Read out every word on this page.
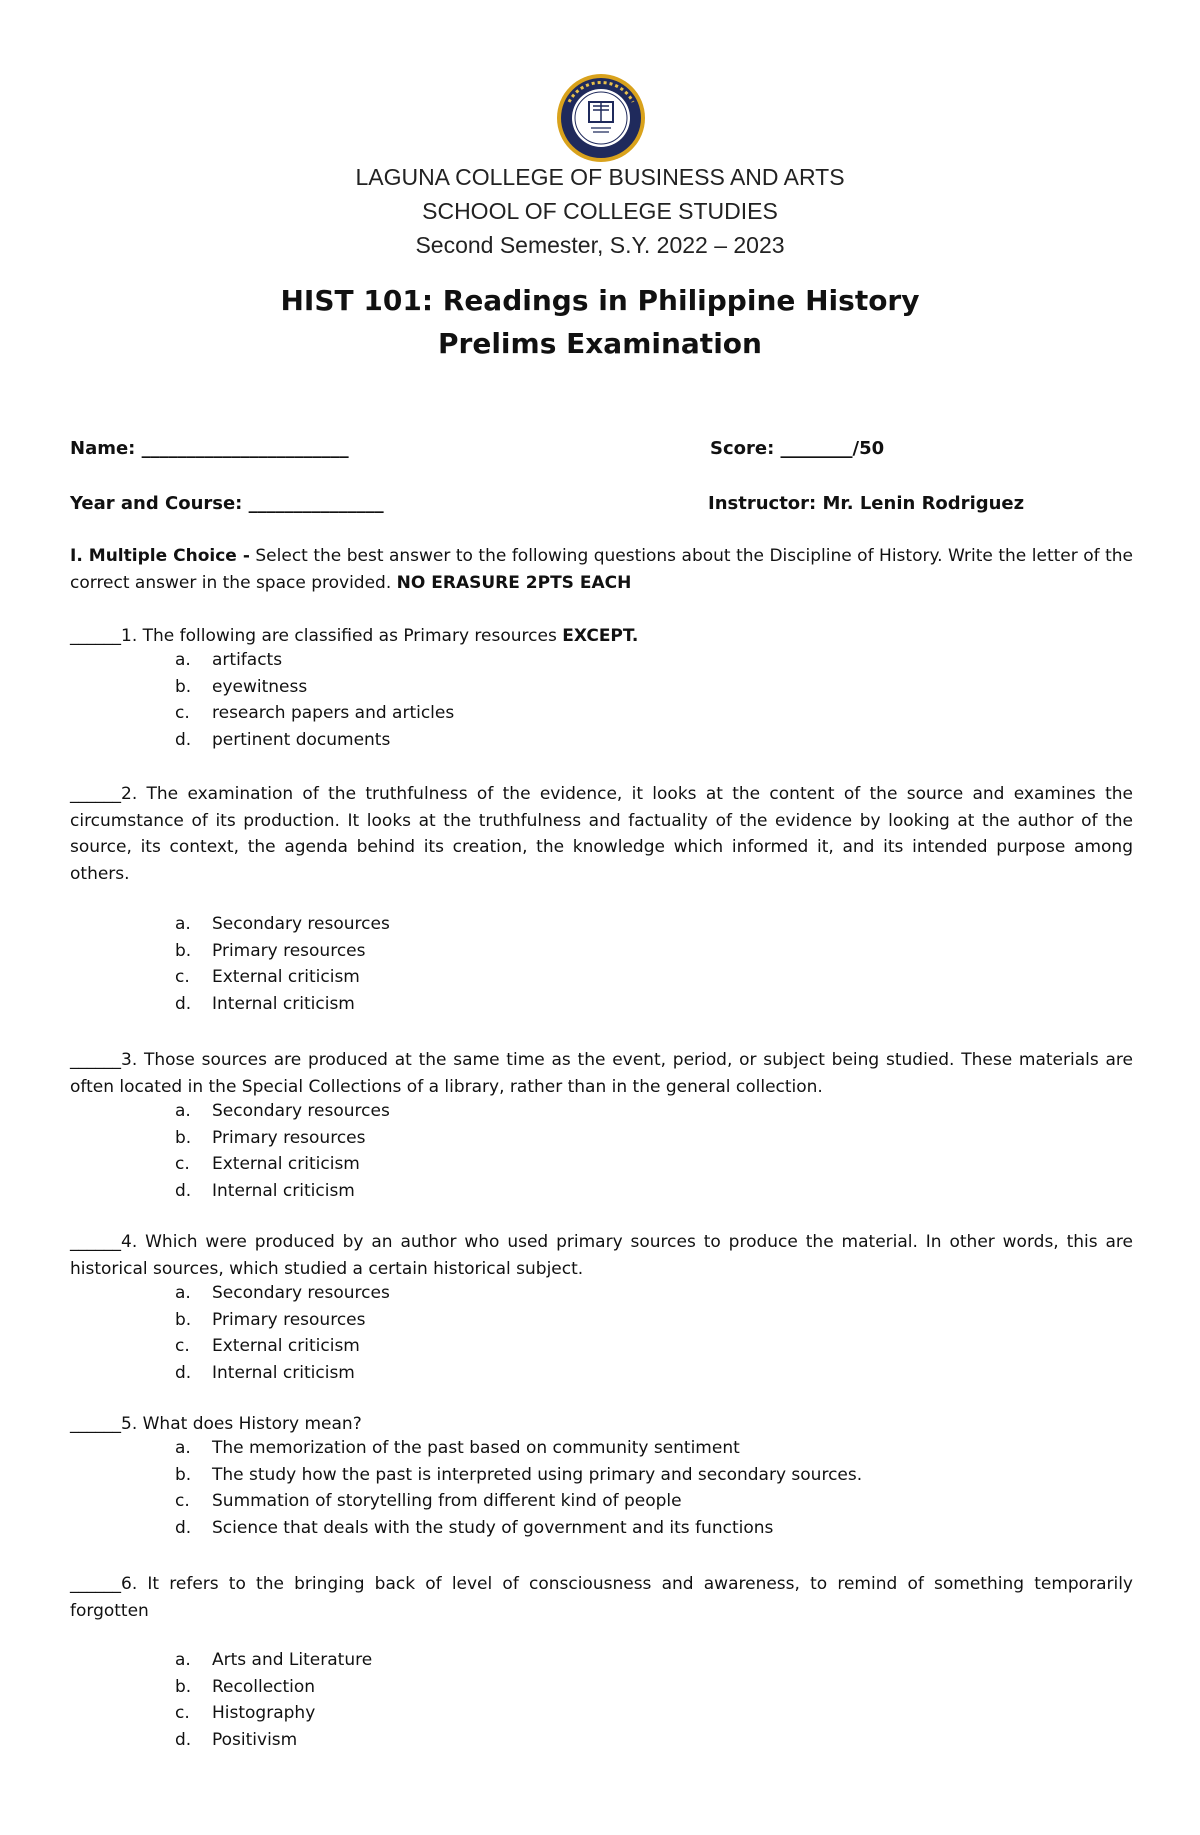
LAGUNA COLLEGE OF BUSINESS AND ARTS
SCHOOL OF COLLEGE STUDIES
Second Semester, S.Y. 2022 – 2023
HIST 101: Readings in Philippine History
Prelims Examination
Name: _______________________	Score: ________/50
Year and Course: _______________	Instructor: Mr. Lenin Rodriguez
I. Multiple Choice - Select the best answer to the following questions about the Discipline of History. Write the letter of the correct answer in the space provided. NO ERASURE 2PTS EACH
______1. The following are classified as Primary resources EXCEPT.
a.	artifacts
b.	eyewitness
c.	research papers and articles
d.	pertinent documents
______2. The examination of the truthfulness of the evidence, it looks at the content of the source and examines the circumstance of its production. It looks at the truthfulness and factuality of the evidence by looking at the author of the source, its context, the agenda behind its creation, the knowledge which informed it, and its intended purpose among others.
a.	Secondary resources
b.	Primary resources
c.	External criticism
d.	Internal criticism
______3. Those sources are produced at the same time as the event, period, or subject being studied. These materials are often located in the Special Collections of a library, rather than in the general collection.
a.	Secondary resources
b.	Primary resources
c.	External criticism
d.	Internal criticism
______4. Which were produced by an author who used primary sources to produce the material. In other words, this are historical sources, which studied a certain historical subject.
a.	Secondary resources
b.	Primary resources
c.	External criticism
d.	Internal criticism
______5. What does History mean?
a.	The memorization of the past based on community sentiment
b.	The study how the past is interpreted using primary and secondary sources.
c.	Summation of storytelling from different kind of people
d.	Science that deals with the study of government and its functions
______6. It refers to the bringing back of level of consciousness and awareness, to remind of something temporarily forgotten
a.	Arts and Literature
b.	Recollection
c.	Histography
d.	Positivism
